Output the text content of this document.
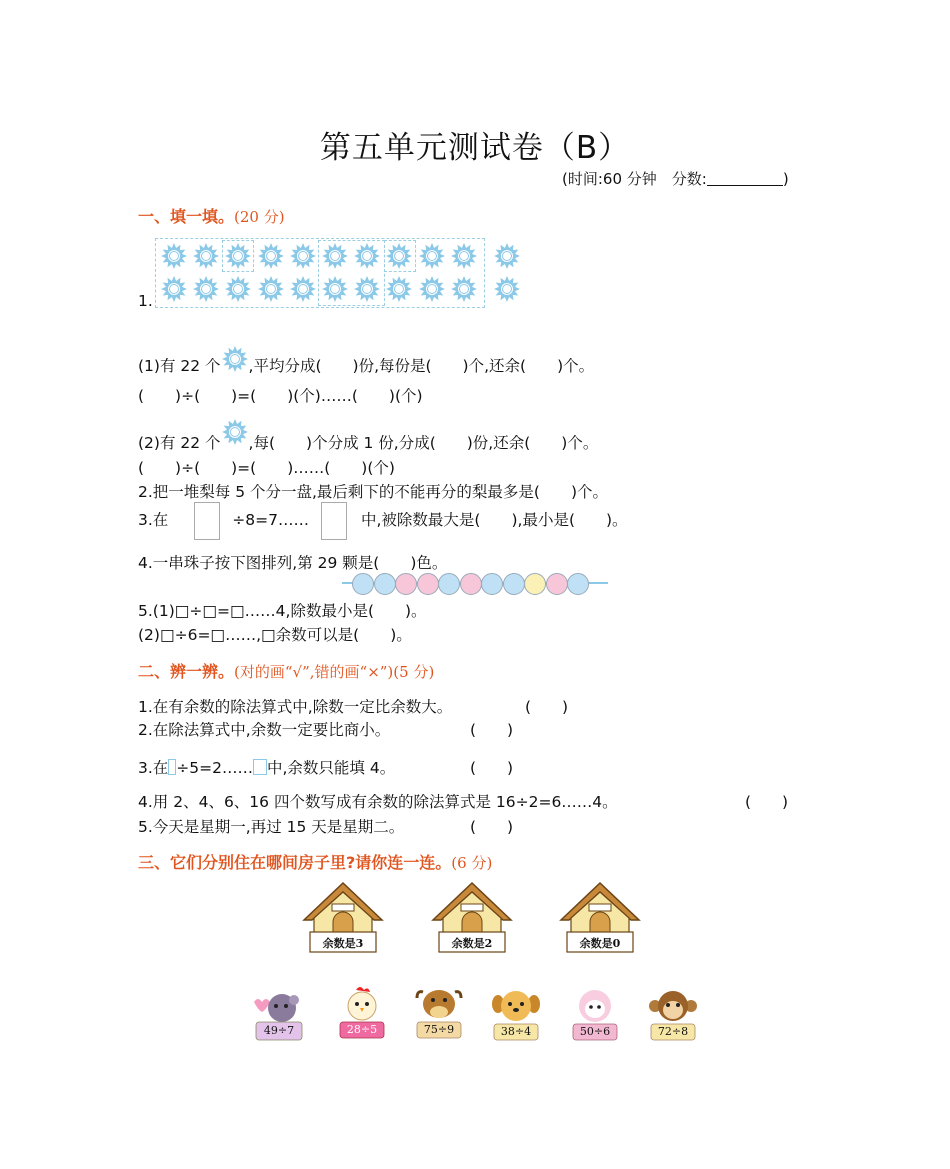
第五单元测试卷（B）
(时间:60 分钟　分数:	)
一、填一填。(20 分)
1.
(1)有 22 个 ,平均分成(　　)份,每份是(　　)个,还余(　　)个。
(　　)÷(　　)=(　　)(个)……(　　)(个)
(2)有 22 个 ,每(　　)个分成 1 份,分成(　　)份,还余(　　)个。
(　　)÷(　　)=(　　)……(　　)(个)
2.把一堆梨每 5 个分一盘,最后剩下的不能再分的梨最多是(　　)个。
3.在	÷8=7……	中,被除数最大是(　　),最小是(　　)。
4.一串珠子按下图排列,第 29 颗是(　　)色。
5.(1)□÷□=□……4,除数最小是(　　)。
(2)□÷6=□……,□余数可以是(　　)。
二、辨一辨。(对的画“√”,错的画“×”)(5 分)
1.在有余数的除法算式中,除数一定比余数大。	(　　)
2.在除法算式中,余数一定要比商小。	(　　)
3.在 ÷5=2…… 中,余数只能填 4。	(　　)
4.用 2、4、6、16 四个数写成有余数的除法算式是 16÷2=6……4。	(　　)
5.今天是星期一,再过 15 天是星期二。	(　　)
三、它们分别住在哪间房子里?请你连一连。(6 分)
余数是3	余数是2	余数是0
49÷7	28÷5	75÷9	38÷4	50÷6	72÷8
